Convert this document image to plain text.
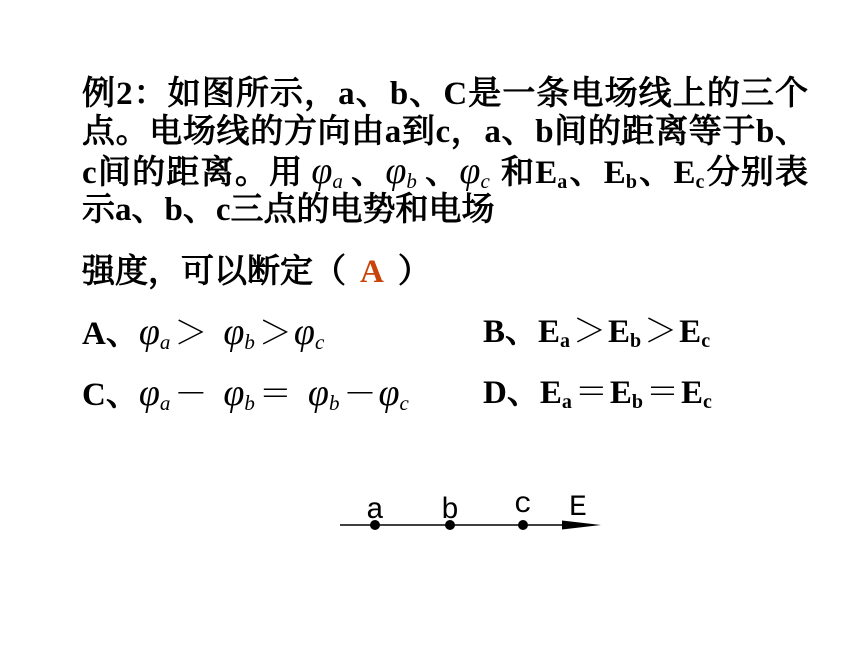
例2：如图所示，a、b、C是一条电场线上的三个
点。电场线的方向由a到c，a、b间的距离等于b、
c间的距离。用 φa 、φb 、φc 和Ea、Eb、Ec分别表
示a、b、c三点的电势和电场
强度，可以断定（ A ）
A、φa ＞ φb ＞φc	B、Ea＞Eb＞Ec
C、φa － φb ＝ φb －φc D、Ea＝Eb＝Ec
a b c E
